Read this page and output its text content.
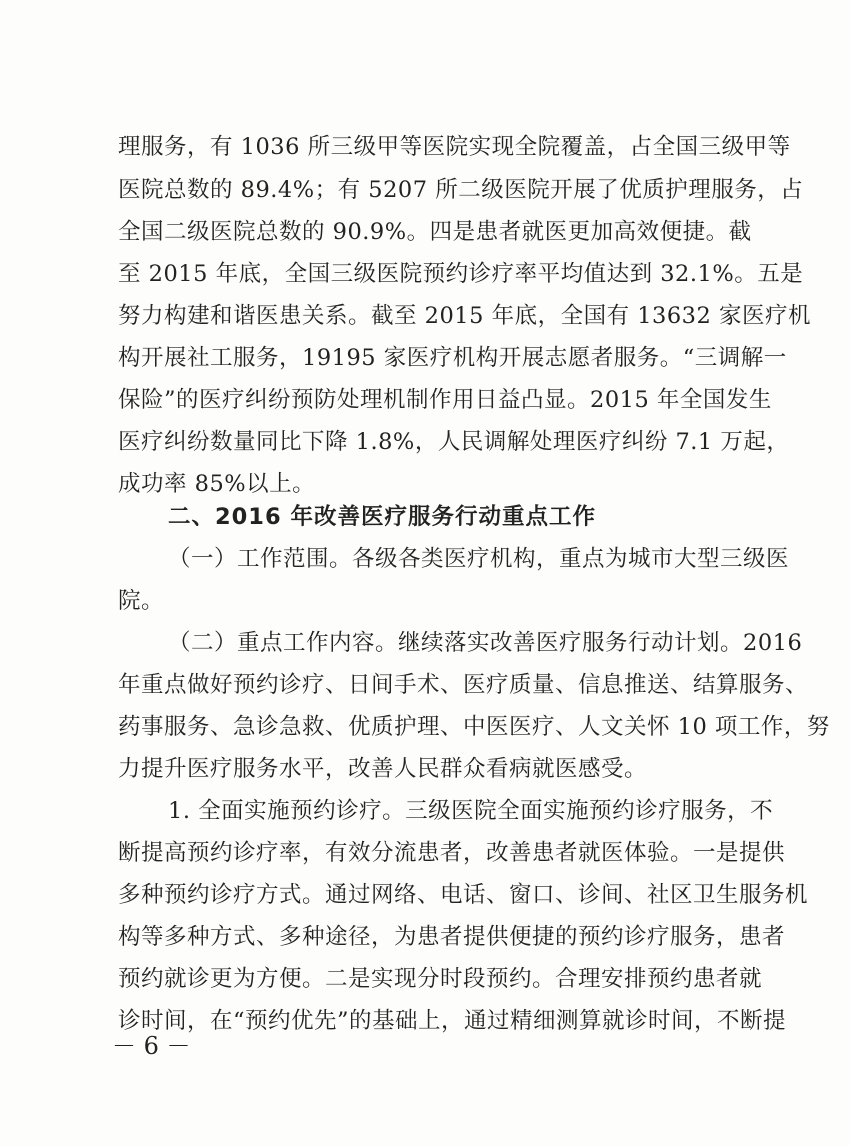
理服务，有 1036 所三级甲等医院实现全院覆盖，占全国三级甲等
医院总数的 89.4%；有 5207 所二级医院开展了优质护理服务，占
全国二级医院总数的 90.9%。四是患者就医更加高效便捷。截
至 2015 年底，全国三级医院预约诊疗率平均值达到 32.1%。五是
努力构建和谐医患关系。截至 2015 年底，全国有 13632 家医疗机
构开展社工服务，19195 家医疗机构开展志愿者服务。“三调解一
保险”的医疗纠纷预防处理机制作用日益凸显。2015 年全国发生
医疗纠纷数量同比下降 1.8%，人民调解处理医疗纠纷 7.1 万起，
成功率 85%以上。
二、2016 年改善医疗服务行动重点工作
（一）工作范围。各级各类医疗机构，重点为城市大型三级医
院。
（二）重点工作内容。继续落实改善医疗服务行动计划。2016
年重点做好预约诊疗、日间手术、医疗质量、信息推送、结算服务、
药事服务、急诊急救、优质护理、中医医疗、人文关怀 10 项工作，努
力提升医疗服务水平，改善人民群众看病就医感受。
1. 全面实施预约诊疗。三级医院全面实施预约诊疗服务，不
断提高预约诊疗率，有效分流患者，改善患者就医体验。一是提供
多种预约诊疗方式。通过网络、电话、窗口、诊间、社区卫生服务机
构等多种方式、多种途径，为患者提供便捷的预约诊疗服务，患者
预约就诊更为方便。二是实现分时段预约。合理安排预约患者就
诊时间，在“预约优先”的基础上，通过精细测算就诊时间，不断提
－ 6 －
